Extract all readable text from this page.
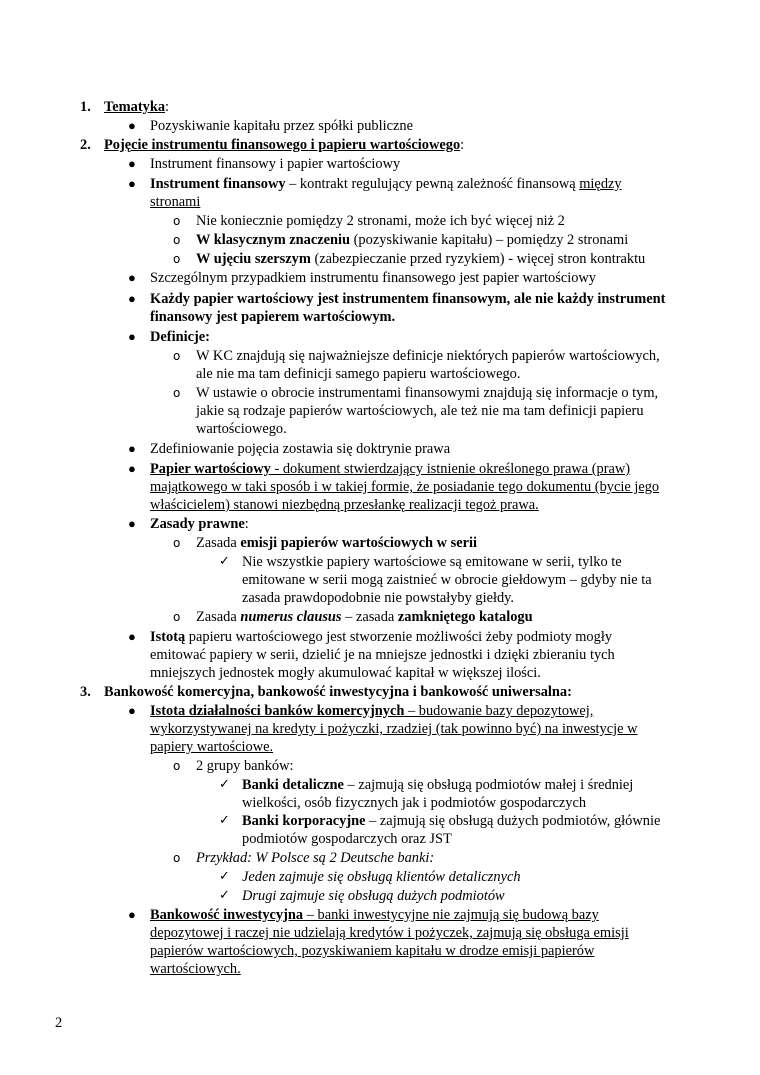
1. Tematyka:
● Pozyskiwanie kapitału przez spółki publiczne
2. Pojęcie instrumentu finansowego i papieru wartościowego:
● Instrument finansowy i papier wartościowy
● Instrument finansowy – kontrakt regulujący pewną zależność finansową między
stronami
o Nie koniecznie pomiędzy 2 stronami, może ich być więcej niż 2
o W klasycznym znaczeniu (pozyskiwanie kapitału) – pomiędzy 2 stronami
o W ujęciu szerszym (zabezpieczanie przed ryzykiem) - więcej stron kontraktu
● Szczególnym przypadkiem instrumentu finansowego jest papier wartościowy
● Każdy papier wartościowy jest instrumentem finansowym, ale nie każdy instrument
finansowy jest papierem wartościowym.
● Definicje:
o W KC znajdują się najważniejsze definicje niektórych papierów wartościowych,
ale nie ma tam definicji samego papieru wartościowego.
o W ustawie o obrocie instrumentami finansowymi znajdują się informacje o tym,
jakie są rodzaje papierów wartościowych, ale też nie ma tam definicji papieru
wartościowego.
● Zdefiniowanie pojęcia zostawia się doktrynie prawa
● Papier wartościowy - dokument stwierdzający istnienie określonego prawa (praw)
majątkowego w taki sposób i w takiej formie, że posiadanie tego dokumentu (bycie jego
właścicielem) stanowi niezbędną przesłankę realizacji tegoż prawa.
● Zasady prawne:
o Zasada emisji papierów wartościowych w serii
✓ Nie wszystkie papiery wartościowe są emitowane w serii, tylko te
emitowane w serii mogą zaistnieć w obrocie giełdowym – gdyby nie ta
zasada prawdopodobnie nie powstałyby giełdy.
o Zasada numerus clausus – zasada zamkniętego katalogu
● Istotą papieru wartościowego jest stworzenie możliwości żeby podmioty mogły
emitować papiery w serii, dzielić je na mniejsze jednostki i dzięki zbieraniu tych
mniejszych jednostek mogły akumulować kapitał w większej ilości.
3. Bankowość komercyjna, bankowość inwestycyjna i bankowość uniwersalna:
● Istota działalności banków komercyjnych – budowanie bazy depozytowej,
wykorzystywanej na kredyty i pożyczki, rzadziej (tak powinno być) na inwestycje w
papiery wartościowe.
o 2 grupy banków:
✓ Banki detaliczne – zajmują się obsługą podmiotów małej i średniej
wielkości, osób fizycznych jak i podmiotów gospodarczych
✓ Banki korporacyjne – zajmują się obsługą dużych podmiotów, głównie
podmiotów gospodarczych oraz JST
o Przykład: W Polsce są 2 Deutsche banki:
✓ Jeden zajmuje się obsługą klientów detalicznych
✓ Drugi zajmuje się obsługą dużych podmiotów
● Bankowość inwestycyjna – banki inwestycyjne nie zajmują się budową bazy
depozytowej i raczej nie udzielają kredytów i pożyczek, zajmują się obsługa emisji
papierów wartościowych, pozyskiwaniem kapitału w drodze emisji papierów
wartościowych.
2
